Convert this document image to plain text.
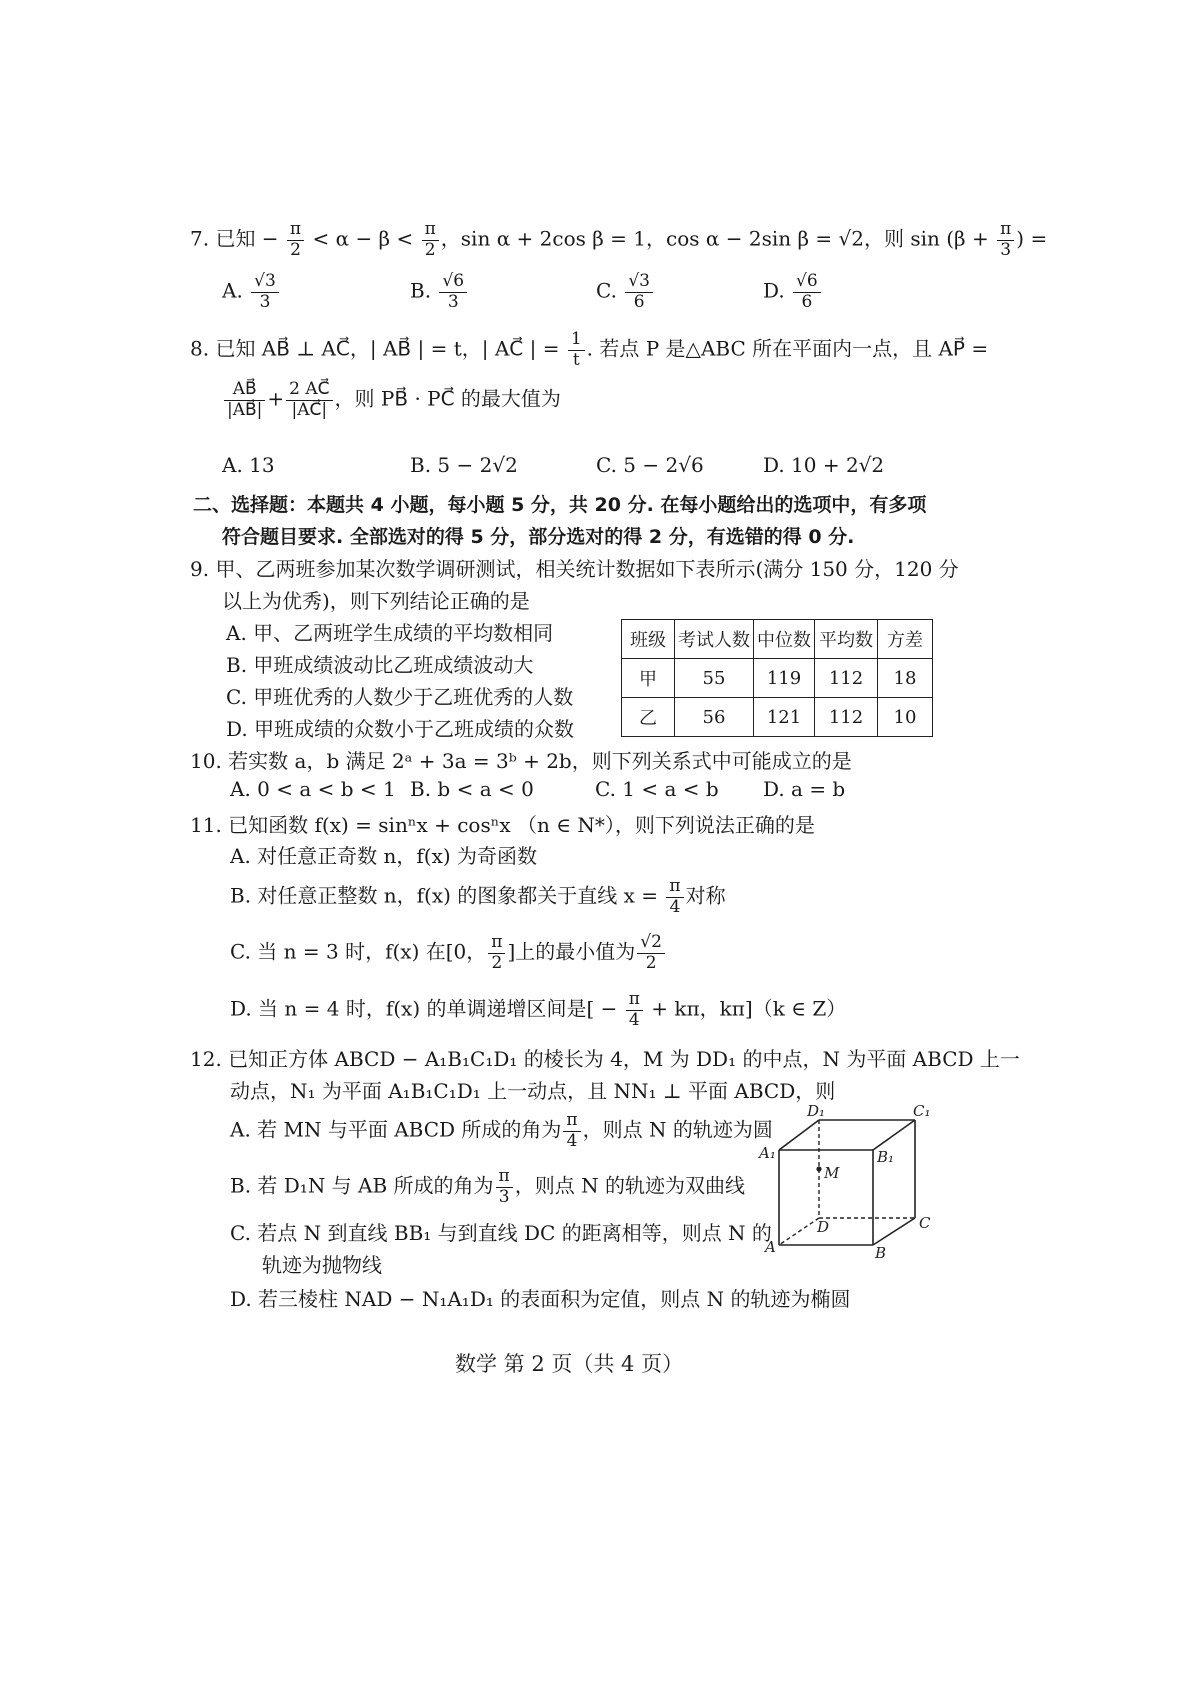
7. 已知 − $\frac{\pi}{2} < \alpha - \beta < \frac{\pi}{2}$ ，sin α + 2cos β = 1，cos α − 2sin β = √2，则 $\sin (\beta + \frac{\pi}{3}$ ) =
A. $\frac{√3}{3}$	B. $\frac{√6}{3}$	C. $\frac{√3}{6}$	D. $\frac{√6}{6}$
8. 已知 AB⃗ ⊥ AC⃗，| AB⃗ | = t，| AC⃗ | = $\frac{1}{t}$ . 若点 P 是△ABC 所在平面内一点，且 AP⃗ =
$\frac{AB⃗}{|AB⃗|} + \frac{2 AC⃗}{|AC⃗|}$ ，则 PB⃗ · PC⃗ 的最大值为
A. 13	B. 5 − 2√2	C. 5 − 2√6	D. 10 + 2√2
二、选择题：本题共 4 小题，每小题 5 分，共 20 分. 在每小题给出的选项中，有多项
符合题目要求. 全部选对的得 5 分，部分选对的得 2 分，有选错的得 0 分.
9. 甲、乙两班参加某次数学调研测试，相关统计数据如下表所示(满分 150 分，120 分
以上为优秀)，则下列结论正确的是
A. 甲、乙两班学生成绩的平均数相同
B. 甲班成绩波动比乙班成绩波动大
C. 甲班优秀的人数少于乙班优秀的人数
D. 甲班成绩的众数小于乙班成绩的众数
班级	考试人数	中位数	平均数	方差
甲	55	119	112	18
乙	56	121	112	10
10. 若实数 a，b 满足 2ᵃ + 3a = 3ᵇ + 2b，则下列关系式中可能成立的是
A. 0 < a < b < 1 B. b < a < 0	C. 1 < a < b D. a = b
11. 已知函数 f(x) = sinⁿx + cosⁿx （n ∈ N*），则下列说法正确的是
A. 对任意正奇数 n，f(x) 为奇函数
B. 对任意正整数 n，f(x) 的图象都关于直线 $x = \frac{\pi}{4}$ 对称
C. 当 n = 3 时，f(x) 在[0， $\frac{\pi}{2}$ ]上的最小值为 $\frac{√2}{2}$
D. 当 n = 4 时，f(x) 的单调递增区间是[ − $\frac{\pi}{4} + k\pi$，kπ]（k ∈ Z）
12. 已知正方体 ABCD − A₁B₁C₁D₁ 的棱长为 4，M 为 DD₁ 的中点，N 为平面 ABCD 上一
动点，N₁ 为平面 A₁B₁C₁D₁ 上一动点，且 NN₁ ⊥ 平面 ABCD，则
A. 若 MN 与平面 ABCD 所成的角为 $\frac{\pi}{4}$ ，则点 N 的轨迹为圆
B. 若 D₁N 与 AB 所成的角为 $\frac{\pi}{3}$ ，则点 N 的轨迹为双曲线
C. 若点 N 到直线 BB₁ 与到直线 DC 的距离相等，则点 N 的
轨迹为抛物线
D. 若三棱柱 NAD − N₁A₁D₁ 的表面积为定值，则点 N 的轨迹为椭圆
D₁	C₁
A₁	B₁
M
D	C
A	B
数学 第 2 页（共 4 页）
